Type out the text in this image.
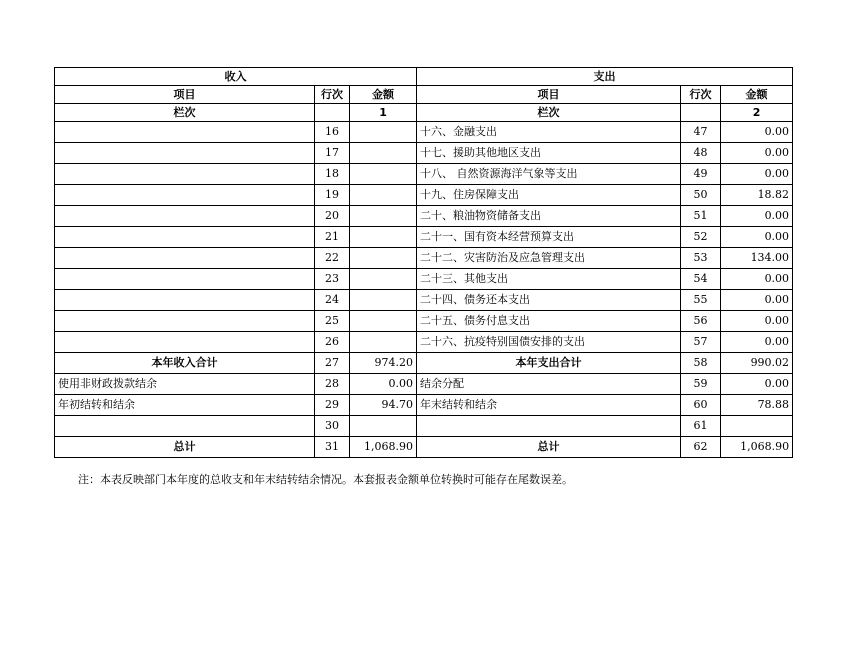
收入			支出		
项目	行次	金额	项目	行次	金额
栏次		1	栏次		2
	16		十六、金融支出	47	0.00
	17		十七、援助其他地区支出	48	0.00
	18		十八、 自然资源海洋气象等支出	49	0.00
	19		十九、住房保障支出	50	18.82
	20		二十、粮油物资储备支出	51	0.00
	21		二十一、国有资本经营预算支出	52	0.00
	22		二十二、灾害防治及应急管理支出	53	134.00
	23		二十三、其他支出	54	0.00
	24		二十四、债务还本支出	55	0.00
	25		二十五、债务付息支出	56	0.00
	26		二十六、抗疫特别国债安排的支出	57	0.00
本年收入合计	27	974.20	本年支出合计	58	990.02
使用非财政拨款结余	28	0.00	结余分配	59	0.00
年初结转和结余	29	94.70	年末结转和结余	60	78.88
	30			61	
总计	31	1,068.90	总计	62	1,068.90
注：本表反映部门本年度的总收支和年末结转结余情况。本套报表金额单位转换时可能存在尾数误差。
